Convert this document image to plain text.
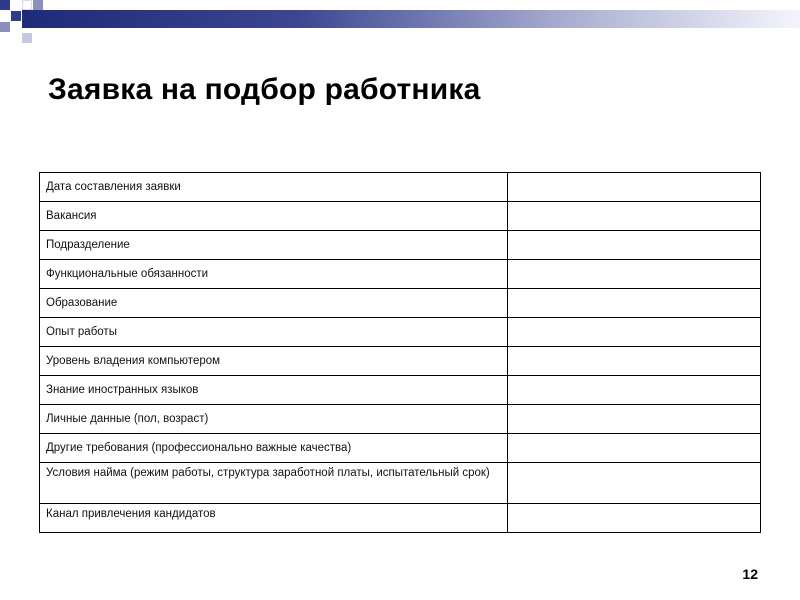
Заявка на подбор работника
Дата составления заявки	
Вакансия	
Подразделение	
Функциональные обязанности	
Образование	
Опыт работы	
Уровень владения компьютером	
Знание иностранных языков	
Личные данные (пол, возраст)	
Другие требования (профессионально важные качества)	
Условия найма (режим работы, структура заработной платы, испытательный срок)	
Канал привлечения кандидатов	
12
